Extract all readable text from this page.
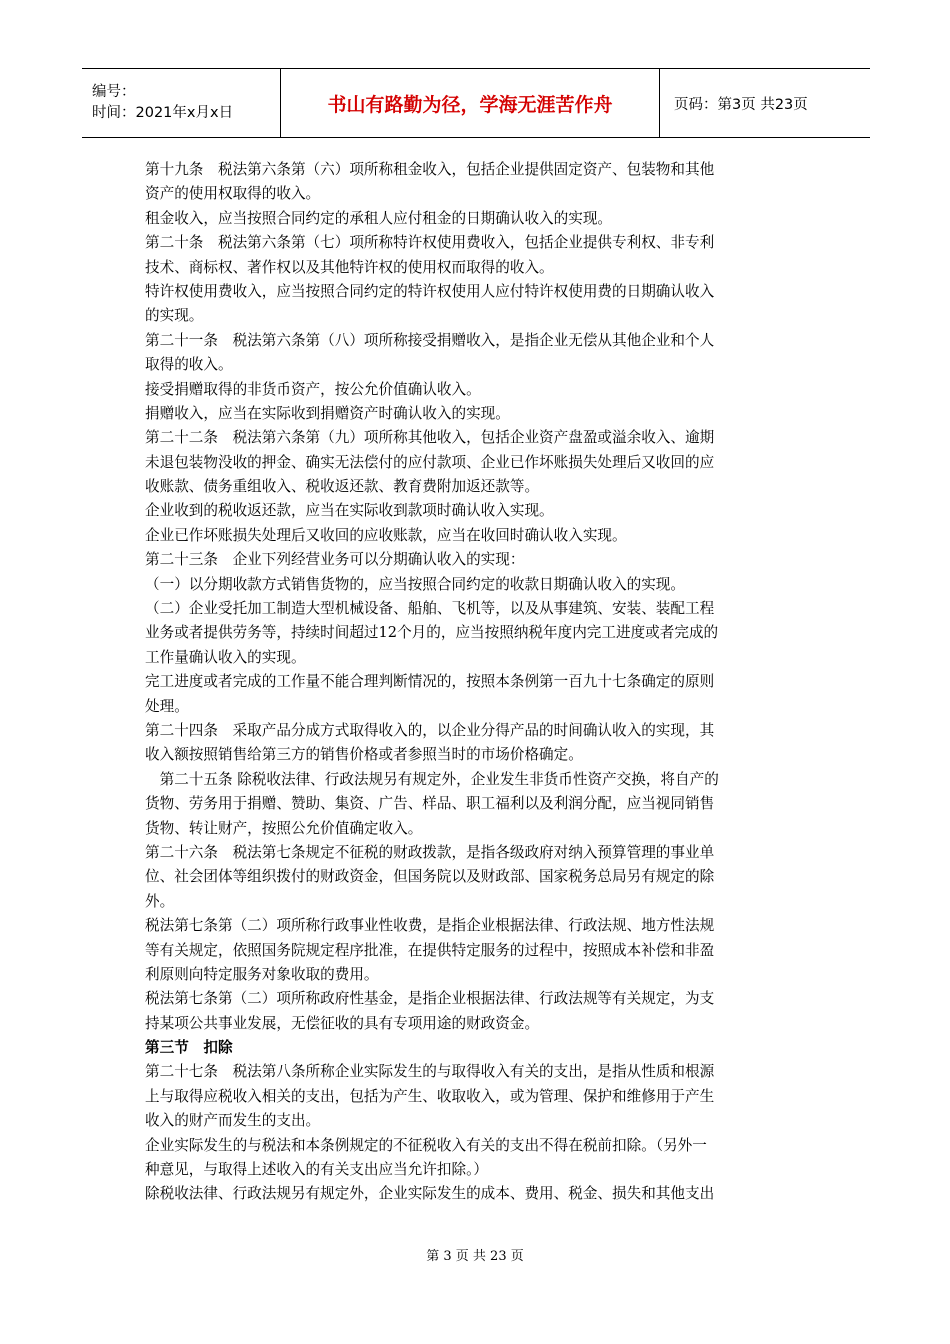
编号：
时间：2021年x月x日	书山有路勤为径，学海无涯苦作舟	页码：第3页 共23页
第十九条　税法第六条第（六）项所称租金收入，包括企业提供固定资产、包装物和其他
资产的使用权取得的收入。
租金收入，应当按照合同约定的承租人应付租金的日期确认收入的实现。
第二十条　税法第六条第（七）项所称特许权使用费收入，包括企业提供专利权、非专利
技术、商标权、著作权以及其他特许权的使用权而取得的收入。
特许权使用费收入，应当按照合同约定的特许权使用人应付特许权使用费的日期确认收入
的实现。
第二十一条　税法第六条第（八）项所称接受捐赠收入，是指企业无偿从其他企业和个人
取得的收入。
接受捐赠取得的非货币资产，按公允价值确认收入。
捐赠收入，应当在实际收到捐赠资产时确认收入的实现。
第二十二条　税法第六条第（九）项所称其他收入，包括企业资产盘盈或溢余收入、逾期
未退包装物没收的押金、确实无法偿付的应付款项、企业已作坏账损失处理后又收回的应
收账款、债务重组收入、税收返还款、教育费附加返还款等。
企业收到的税收返还款，应当在实际收到款项时确认收入实现。
企业已作坏账损失处理后又收回的应收账款，应当在收回时确认收入实现。
第二十三条　企业下列经营业务可以分期确认收入的实现：
（一）以分期收款方式销售货物的，应当按照合同约定的收款日期确认收入的实现。
（二）企业受托加工制造大型机械设备、船舶、飞机等，以及从事建筑、安装、装配工程
业务或者提供劳务等，持续时间超过12个月的，应当按照纳税年度内完工进度或者完成的
工作量确认收入的实现。
完工进度或者完成的工作量不能合理判断情况的，按照本条例第一百九十七条确定的原则
处理。
第二十四条　采取产品分成方式取得收入的，以企业分得产品的时间确认收入的实现，其
收入额按照销售给第三方的销售价格或者参照当时的市场价格确定。
　第二十五条 除税收法律、行政法规另有规定外，企业发生非货币性资产交换，将自产的
货物、劳务用于捐赠、赞助、集资、广告、样品、职工福利以及利润分配，应当视同销售
货物、转让财产，按照公允价值确定收入。
第二十六条　税法第七条规定不征税的财政拨款，是指各级政府对纳入预算管理的事业单
位、社会团体等组织拨付的财政资金，但国务院以及财政部、国家税务总局另有规定的除
外。
税法第七条第（二）项所称行政事业性收费，是指企业根据法律、行政法规、地方性法规
等有关规定，依照国务院规定程序批准，在提供特定服务的过程中，按照成本补偿和非盈
利原则向特定服务对象收取的费用。
税法第七条第（二）项所称政府性基金，是指企业根据法律、行政法规等有关规定，为支
持某项公共事业发展，无偿征收的具有专项用途的财政资金。
第三节　扣除
第二十七条　税法第八条所称企业实际发生的与取得收入有关的支出，是指从性质和根源
上与取得应税收入相关的支出，包括为产生、收取收入，或为管理、保护和维修用于产生
收入的财产而发生的支出。
企业实际发生的与税法和本条例规定的不征税收入有关的支出不得在税前扣除。（另外一
种意见，与取得上述收入的有关支出应当允许扣除。）
除税收法律、行政法规另有规定外，企业实际发生的成本、费用、税金、损失和其他支出
第 3 页 共 23 页
